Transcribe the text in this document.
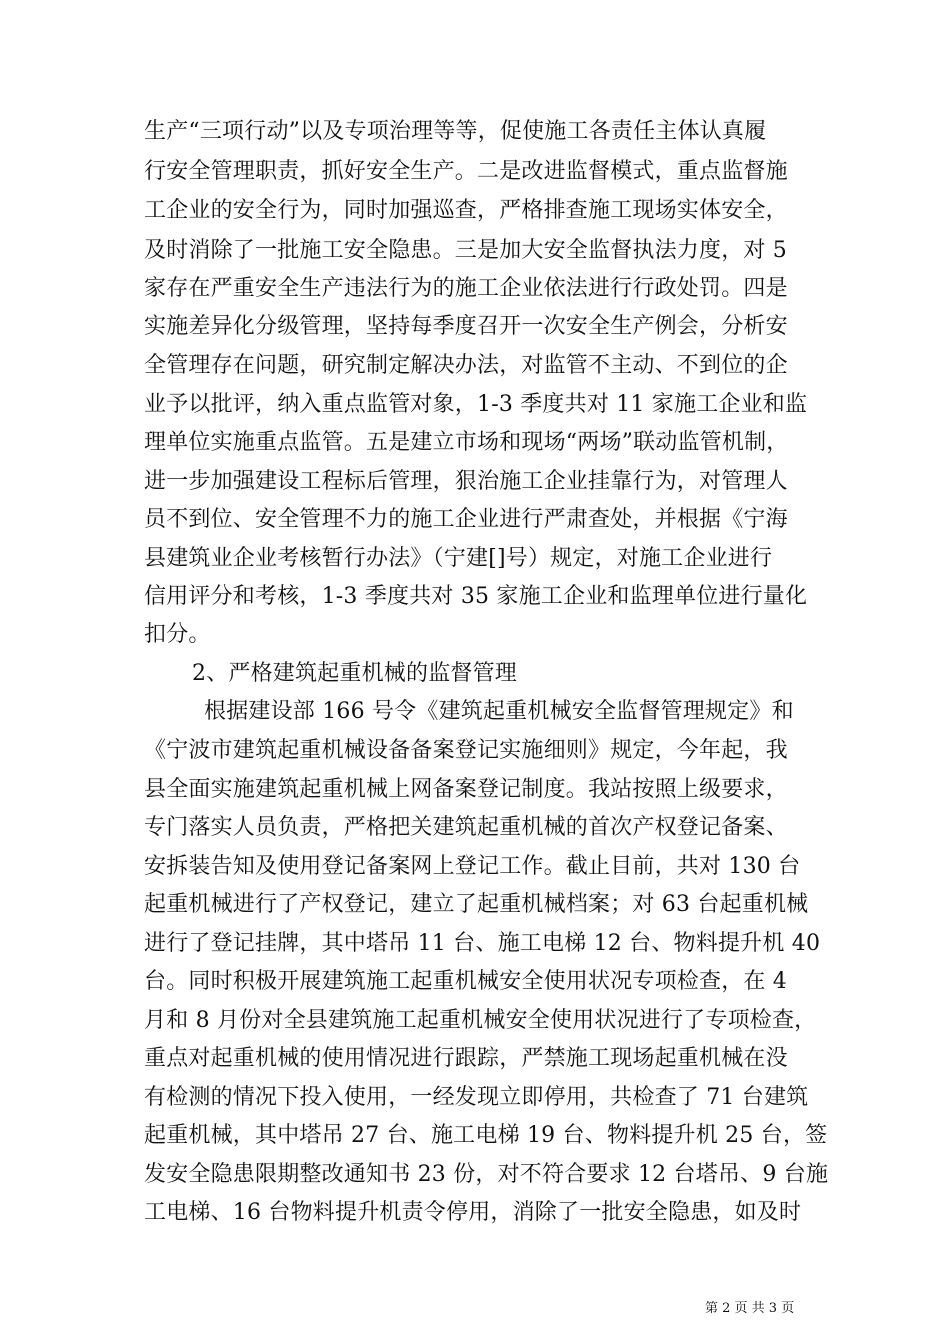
生产“三项行动”以及专项治理等等，促使施工各责任主体认真履
行安全管理职责，抓好安全生产。二是改进监督模式，重点监督施
工企业的安全行为，同时加强巡查，严格排查施工现场实体安全，
及时消除了一批施工安全隐患。三是加大安全监督执法力度，对 5
家存在严重安全生产违法行为的施工企业依法进行行政处罚。四是
实施差异化分级管理，坚持每季度召开一次安全生产例会，分析安
全管理存在问题，研究制定解决办法，对监管不主动、不到位的企
业予以批评，纳入重点监管对象，1-3 季度共对 11 家施工企业和监
理单位实施重点监管。五是建立市场和现场“两场”联动监管机制，
进一步加强建设工程标后管理，狠治施工企业挂靠行为，对管理人
员不到位、安全管理不力的施工企业进行严肃查处，并根据《宁海
县建筑业企业考核暂行办法》（宁建[]号）规定，对施工企业进行
信用评分和考核，1-3 季度共对 35 家施工企业和监理单位进行量化
扣分。
2、严格建筑起重机械的监督管理
根据建设部 166 号令《建筑起重机械安全监督管理规定》和
《宁波市建筑起重机械设备备案登记实施细则》规定，今年起，我
县全面实施建筑起重机械上网备案登记制度。我站按照上级要求，
专门落实人员负责，严格把关建筑起重机械的首次产权登记备案、
安拆装告知及使用登记备案网上登记工作。截止目前，共对 130 台
起重机械进行了产权登记，建立了起重机械档案；对 63 台起重机械
进行了登记挂牌，其中塔吊 11 台、施工电梯 12 台、物料提升机 40
台。同时积极开展建筑施工起重机械安全使用状况专项检查，在 4
月和 8 月份对全县建筑施工起重机械安全使用状况进行了专项检查，
重点对起重机械的使用情况进行跟踪，严禁施工现场起重机械在没
有检测的情况下投入使用，一经发现立即停用，共检查了 71 台建筑
起重机械，其中塔吊 27 台、施工电梯 19 台、物料提升机 25 台，签
发安全隐患限期整改通知书 23 份，对不符合要求 12 台塔吊、9 台施
工电梯、16 台物料提升机责令停用，消除了一批安全隐患，如及时
第 2 页 共 3 页
